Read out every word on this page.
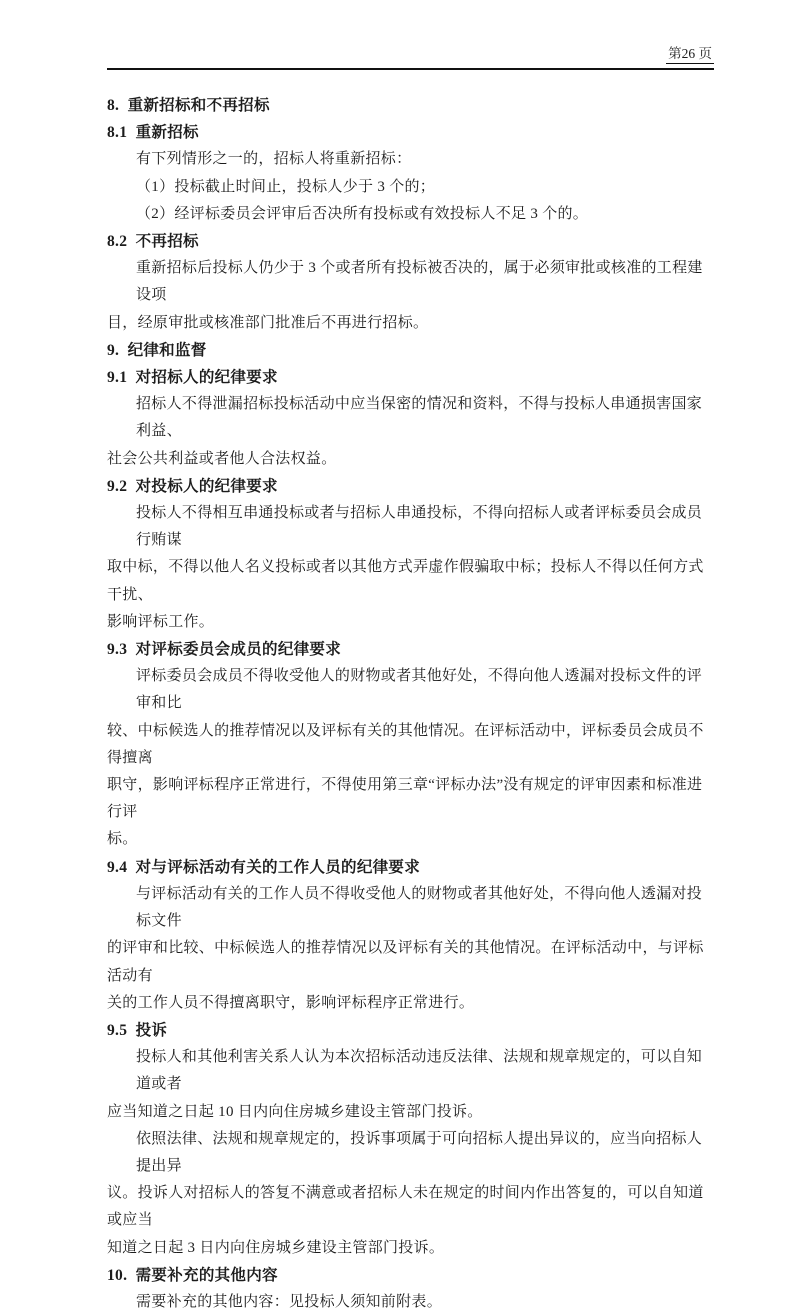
第26 页
8.  重新招标和不再招标
8.1  重新招标
有下列情形之一的，招标人将重新招标：
（1）投标截止时间止，投标人少于 3 个的；
（2）经评标委员会评审后否决所有投标或有效投标人不足 3 个的。
8.2  不再招标
重新招标后投标人仍少于 3 个或者所有投标被否决的，属于必须审批或核准的工程建设项
目，经原审批或核准部门批准后不再进行招标。
9.  纪律和监督
9.1  对招标人的纪律要求
招标人不得泄漏招标投标活动中应当保密的情况和资料，不得与投标人串通损害国家利益、
社会公共利益或者他人合法权益。
9.2  对投标人的纪律要求
投标人不得相互串通投标或者与招标人串通投标，不得向招标人或者评标委员会成员行贿谋
取中标，不得以他人名义投标或者以其他方式弄虚作假骗取中标；投标人不得以任何方式干扰、
影响评标工作。
9.3  对评标委员会成员的纪律要求
评标委员会成员不得收受他人的财物或者其他好处，不得向他人透漏对投标文件的评审和比
较、中标候选人的推荐情况以及评标有关的其他情况。在评标活动中，评标委员会成员不得擅离
职守，影响评标程序正常进行，不得使用第三章“评标办法”没有规定的评审因素和标准进行评
标。
9.4  对与评标活动有关的工作人员的纪律要求
与评标活动有关的工作人员不得收受他人的财物或者其他好处，不得向他人透漏对投标文件
的评审和比较、中标候选人的推荐情况以及评标有关的其他情况。在评标活动中，与评标活动有
关的工作人员不得擅离职守，影响评标程序正常进行。
9.5  投诉
投标人和其他利害关系人认为本次招标活动违反法律、法规和规章规定的，可以自知道或者
应当知道之日起 10 日内向住房城乡建设主管部门投诉。
依照法律、法规和规章规定的，投诉事项属于可向招标人提出异议的，应当向招标人提出异
议。投诉人对招标人的答复不满意或者招标人未在规定的时间内作出答复的，可以自知道或应当
知道之日起 3 日内向住房城乡建设主管部门投诉。
10.  需要补充的其他内容
需要补充的其他内容：见投标人须知前附表。
